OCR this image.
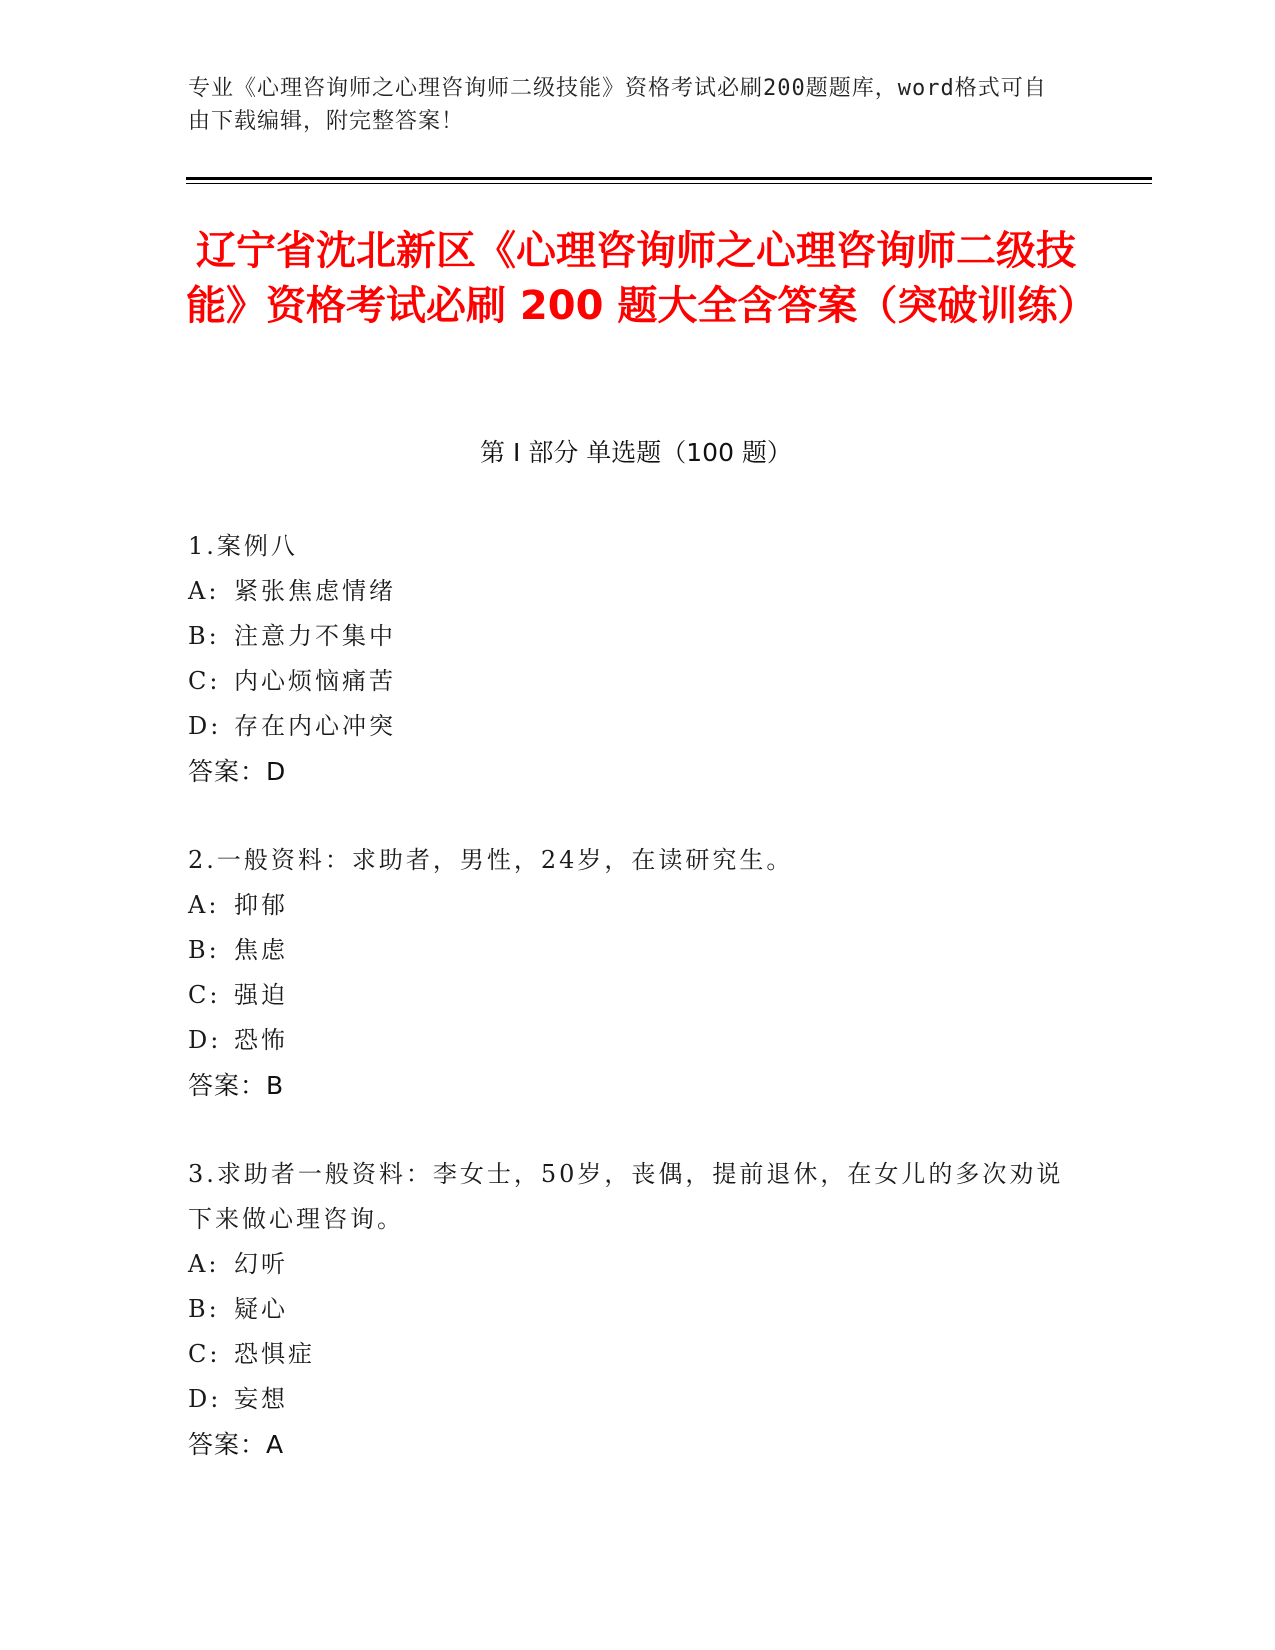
专业《心理咨询师之心理咨询师二级技能》资格考试必刷200题题库，word格式可自由下载编辑，附完整答案！
辽宁省沈北新区《心理咨询师之心理咨询师二级技能》资格考试必刷 200 题大全含答案（突破训练）
第 I 部分 单选题（100 题）
1.案例八
A: 紧张焦虑情绪
B: 注意力不集中
C: 内心烦恼痛苦
D: 存在内心冲突
答案：D
2.一般资料：求助者，男性，24岁，在读研究生。
A: 抑郁
B: 焦虑
C: 强迫
D: 恐怖
答案：B
3.求助者一般资料：李女士，50岁，丧偶，提前退休，在女儿的多次劝说下来做心理咨询。
A: 幻听
B: 疑心
C: 恐惧症
D: 妄想
答案：A
